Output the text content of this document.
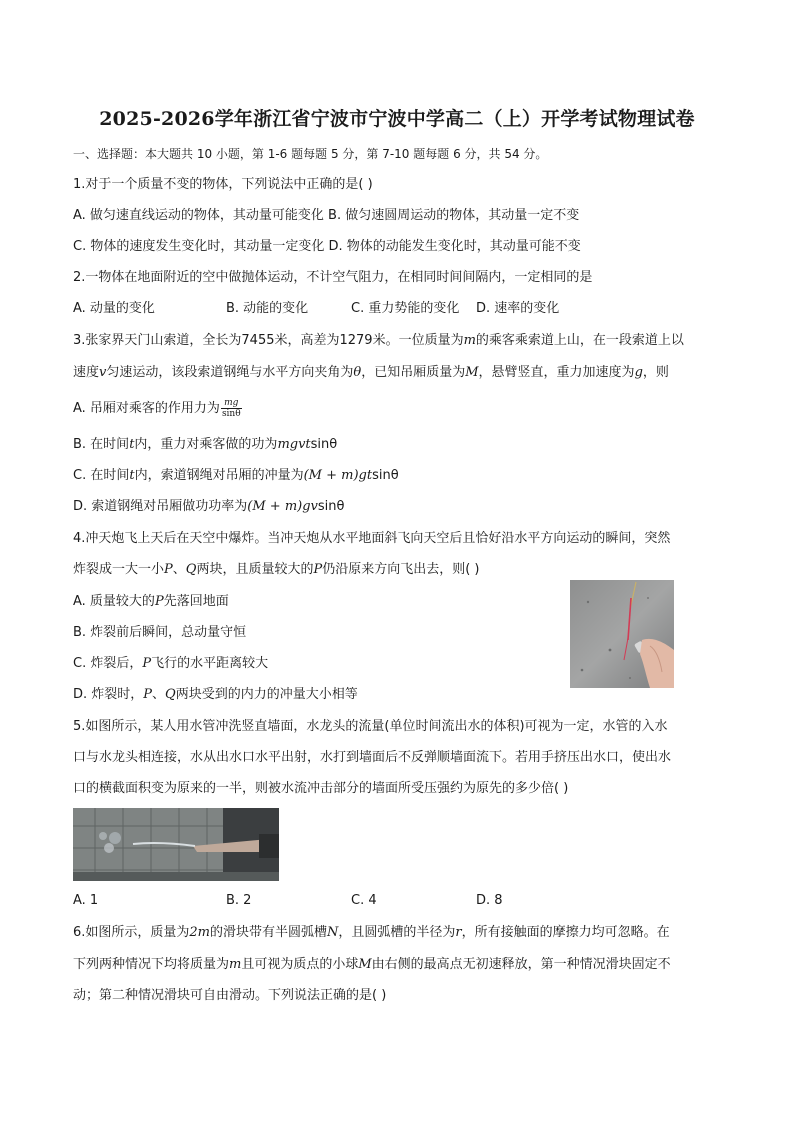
2025-2026学年浙江省宁波市宁波中学高二（上）开学考试物理试卷
一、选择题：本大题共 10 小题，第 1-6 题每题 5 分，第 7-10 题每题 6 分，共 54 分。
1.对于一个质量不变的物体，下列说法中正确的是( )
A. 做匀速直线运动的物体，其动量可能变化 B. 做匀速圆周运动的物体，其动量一定不变
C. 物体的速度发生变化时，其动量一定变化 D. 物体的动能发生变化时，其动量可能不变
2.一物体在地面附近的空中做抛体运动，不计空气阻力，在相同时间间隔内，一定相同的是
A. 动量的变化	B. 动能的变化	C. 重力势能的变化 D. 速率的变化
3.张家界天门山索道，全长为7455米，高差为1279米。一位质量为m的乘客乘索道上山，在一段索道上以
速度v匀速运动，该段索道钢绳与水平方向夹角为θ，已知吊厢质量为M，悬臂竖直，重力加速度为g，则
A. 吊厢对乘客的作用力为 $\frac{mg}{\sin\theta}$
B. 在时间t内，重力对乘客做的功为mgvtsinθ
C. 在时间t内，索道钢绳对吊厢的冲量为(M + m)gtsinθ
D. 索道钢绳对吊厢做功功率为(M + m)gvsinθ
4.冲天炮飞上天后在天空中爆炸。当冲天炮从水平地面斜飞向天空后且恰好沿水平方向运动的瞬间，突然
炸裂成一大一小P、Q两块，且质量较大的P仍沿原来方向飞出去，则( )
A. 质量较大的P先落回地面
B. 炸裂前后瞬间，总动量守恒
C. 炸裂后，P飞行的水平距离较大
D. 炸裂时，P、Q两块受到的内力的冲量大小相等
5.如图所示，某人用水管冲洗竖直墙面，水龙头的流量(单位时间流出水的体积)可视为一定，水管的入水
口与水龙头相连接，水从出水口水平出射，水打到墙面后不反弹顺墙面流下。若用手挤压出水口，使出水
口的横截面积变为原来的一半，则被水流冲击部分的墙面所受压强约为原先的多少倍( )
A. 1	B. 2	C. 4	D. 8
6.如图所示，质量为2m的滑块带有半圆弧槽N，且圆弧槽的半径为r，所有接触面的摩擦力均可忽略。在
下列两种情况下均将质量为m且可视为质点的小球M由右侧的最高点无初速释放，第一种情况滑块固定不
动；第二种情况滑块可自由滑动。下列说法正确的是( )
